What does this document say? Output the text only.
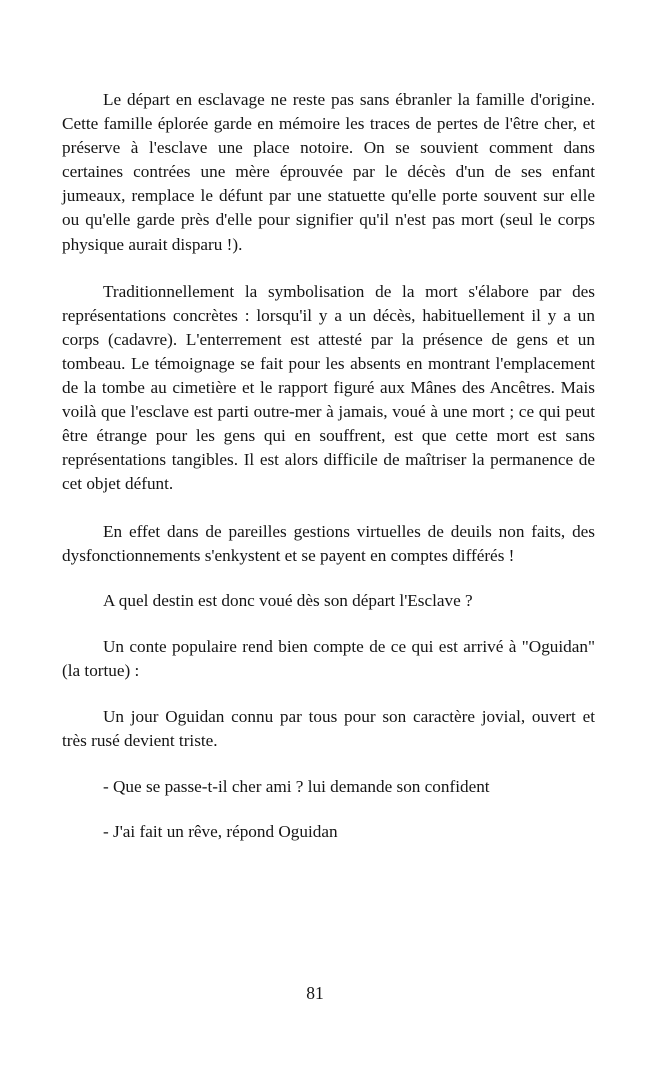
Le départ en esclavage ne reste pas sans ébranler la famille d'origine. Cette famille éplorée garde en mémoire les traces de pertes de l'être cher, et préserve à l'esclave une place notoire. On se souvient comment dans certaines contrées une mère éprouvée par le décès d'un de ses enfant jumeaux, remplace le défunt par une statuette qu'elle porte souvent sur elle ou qu'elle garde près d'elle pour signifier qu'il n'est pas mort (seul le corps physique aurait disparu !).

Traditionnellement la symbolisation de la mort s'élabore par des représentations concrètes : lorsqu'il y a un décès, habituellement il y a un corps (cadavre). L'enterrement est attesté par la présence de gens et un tombeau. Le témoignage se fait pour les absents en montrant l'emplacement de la tombe au cimetière et le rapport figuré aux Mânes des Ancêtres. Mais voilà que l'esclave est parti outre-mer à jamais, voué à une mort ; ce qui peut être étrange pour les gens qui en souffrent, est que cette mort est sans représentations tangibles. Il est alors difficile de maîtriser la permanence de cet objet défunt.

En effet dans de pareilles gestions virtuelles de deuils non faits, des dysfonctionnements s'enkystent et se payent en comptes différés !

A quel destin est donc voué dès son départ l'Esclave ?

Un conte populaire rend bien compte de ce qui est arrivé à "Oguidan" (la tortue) :

Un jour Oguidan connu par tous pour son caractère jovial, ouvert et très rusé devient triste.

- Que se passe-t-il cher ami ? lui demande son confident

- J'ai fait un rêve, répond Oguidan

81
